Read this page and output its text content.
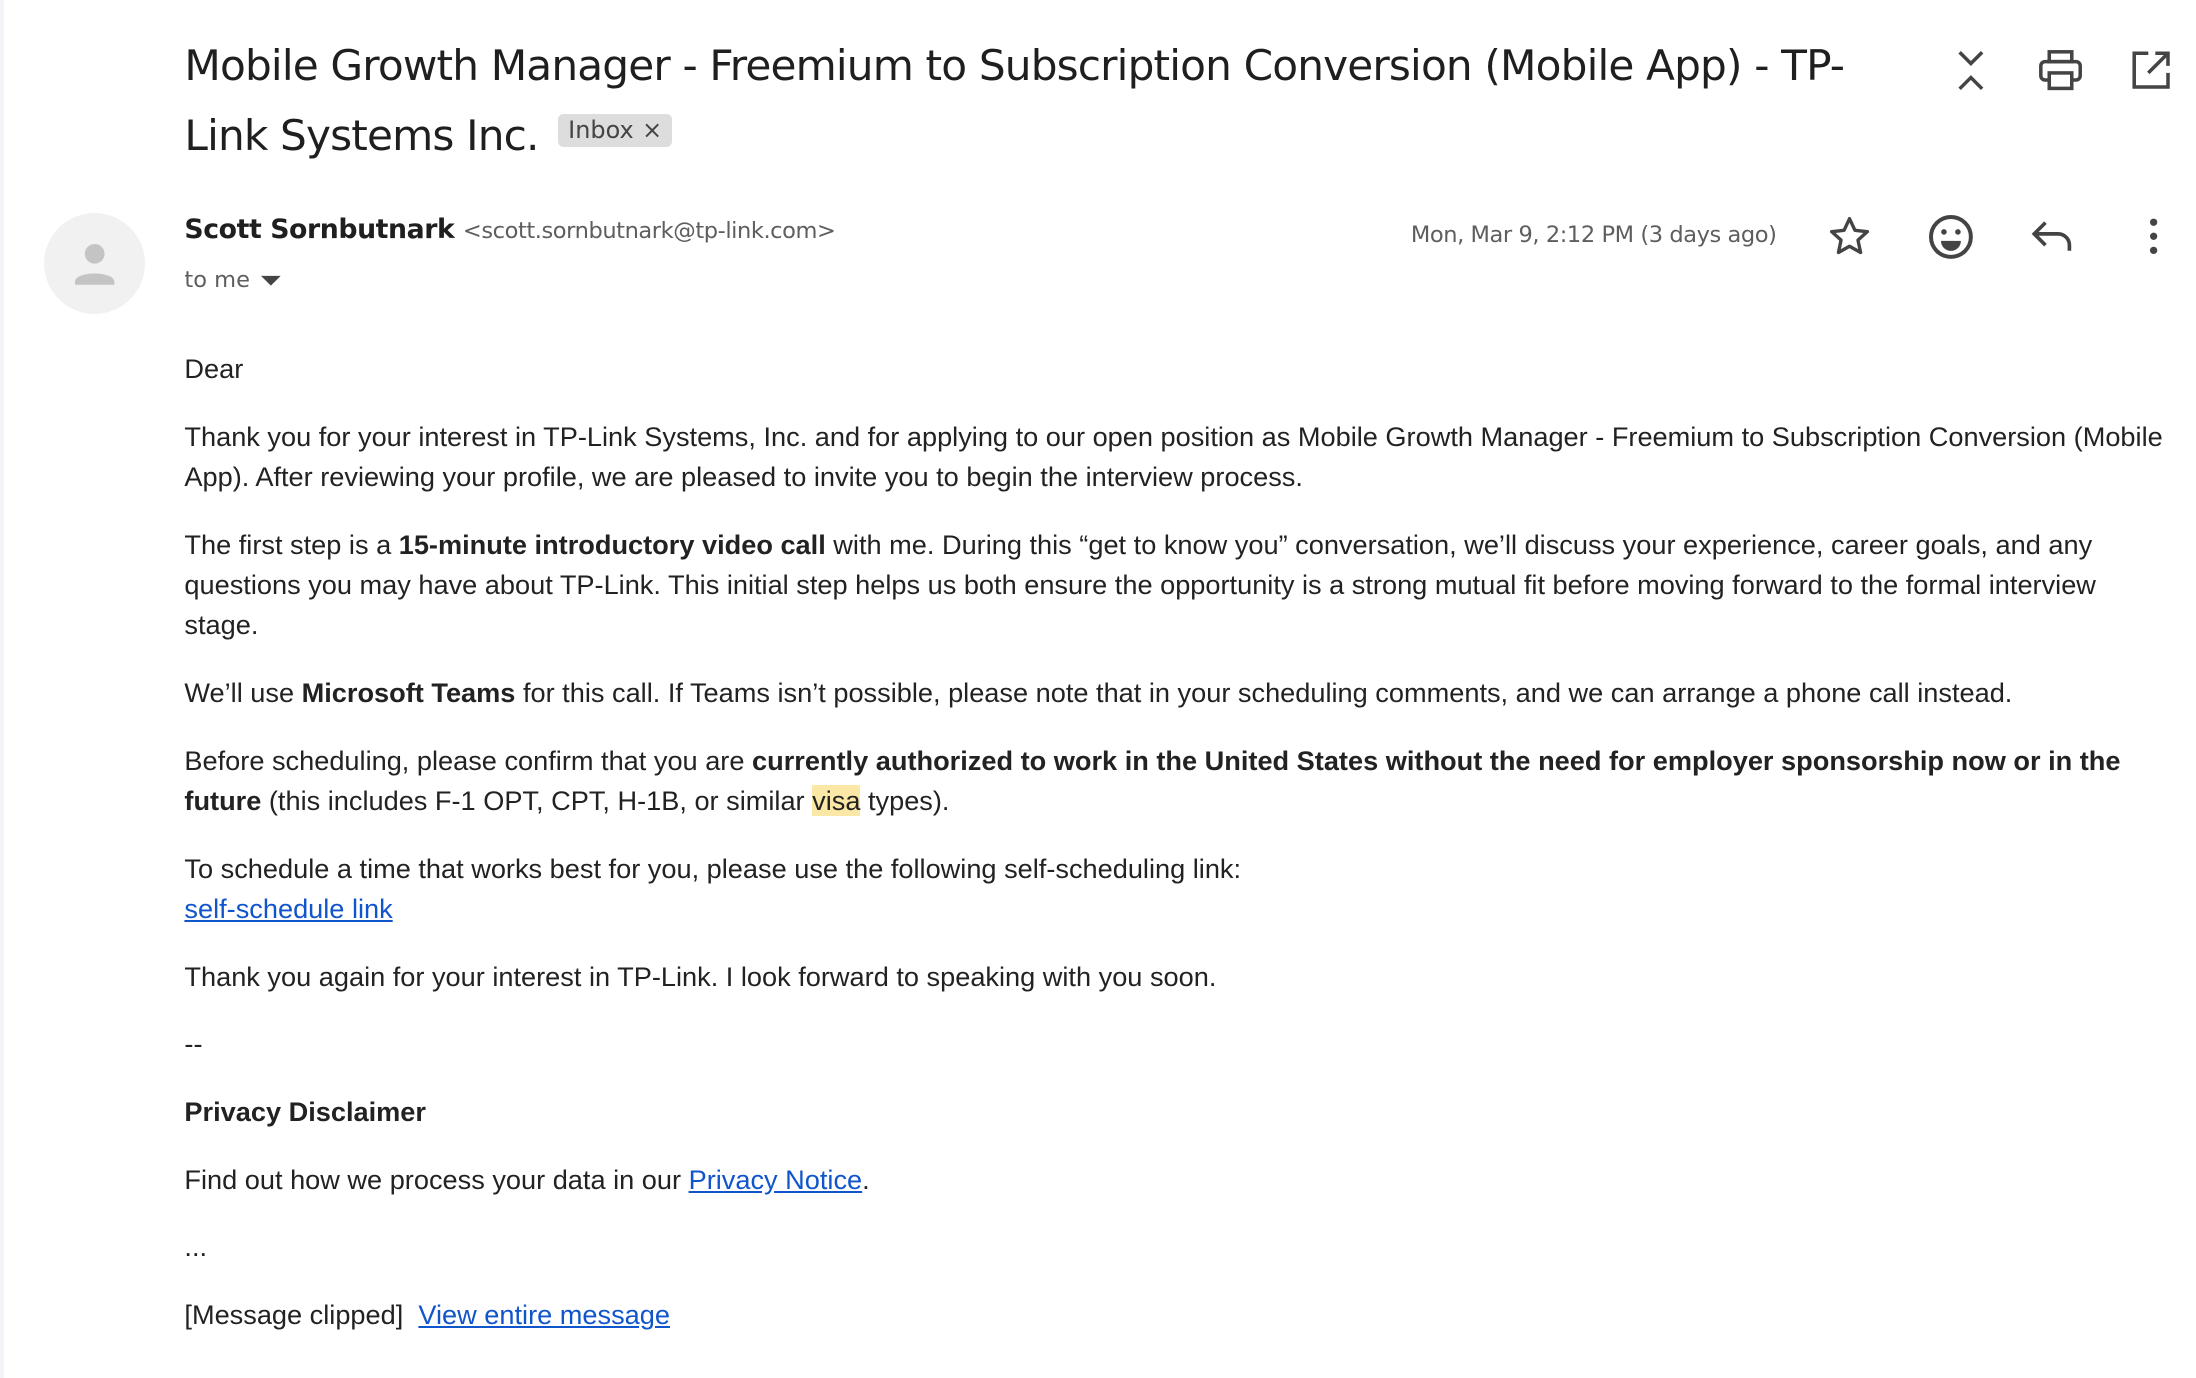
Mobile Growth Manager - Freemium to Subscription Conversion (Mobile App) - TP-Link Systems Inc. Inbox ×
Scott Sornbutnark <scott.sornbutnark@tp-link.com>
to me
Mon, Mar 9, 2:12 PM (3 days ago)

Dear

Thank you for your interest in TP-Link Systems, Inc. and for applying to our open position as Mobile Growth Manager - Freemium to Subscription Conversion (Mobile App). After reviewing your profile, we are pleased to invite you to begin the interview process.

The first step is a 15-minute introductory video call with me. During this “get to know you” conversation, we’ll discuss your experience, career goals, and any questions you may have about TP-Link. This initial step helps us both ensure the opportunity is a strong mutual fit before moving forward to the formal interview stage.

We’ll use Microsoft Teams for this call. If Teams isn’t possible, please note that in your scheduling comments, and we can arrange a phone call instead.

Before scheduling, please confirm that you are currently authorized to work in the United States without the need for employer sponsorship now or in the future (this includes F-1 OPT, CPT, H-1B, or similar visa types).

To schedule a time that works best for you, please use the following self-scheduling link:
self-schedule link

Thank you again for your interest in TP-Link. I look forward to speaking with you soon.

--

Privacy Disclaimer

Find out how we process your data in our Privacy Notice.

...

[Message clipped] View entire message
